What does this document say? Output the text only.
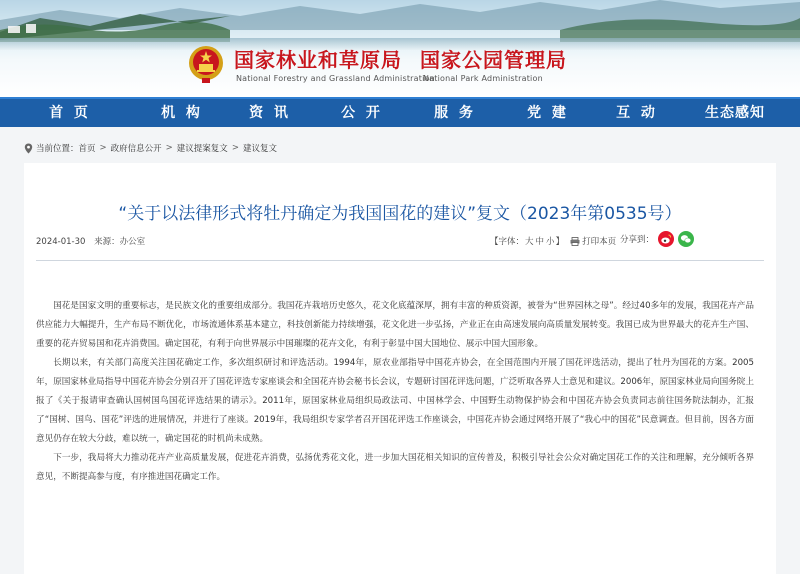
国家林业和草原局 国家公园管理局
National Forestry and Grassland Administration
National Park Administration
首 页	机 构	资 讯	公 开	服 务	党 建	互 动	生态感知
当前位置： 首页 > 政府信息公开 > 建议提案复文 > 建议复文
“关于以法律形式将牡丹确定为我国国花的建议”复文（2023年第0535号）
2024-01-30 来源：办公室	【字体： 大 中 小 】 打印本页 分享到：

国花是国家文明的重要标志，是民族文化的重要组成部分。我国花卉栽培历史悠久，花文化底蕴深厚，拥有丰富的种质资源，被誉为“世界园林之母”。经过40多年的发展，我国花卉产品供应能力大幅提升，生产布局不断优化，市场流通体系基本建立，科技创新能力持续增强，花文化进一步弘扬，产业正在由高速发展向高质量发展转变。我国已成为世界最大的花卉生产国、重要的花卉贸易国和花卉消费国。确定国花，有利于向世界展示中国璀璨的花卉文化，有利于彰显中国大国地位、展示中国大国形象。

长期以来，有关部门高度关注国花确定工作，多次组织研讨和评选活动。1994年，原农业部指导中国花卉协会，在全国范围内开展了国花评选活动，提出了牡丹为国花的方案。2005年，原国家林业局指导中国花卉协会分别召开了国花评选专家座谈会和全国花卉协会秘书长会议，专题研讨国花评选问题，广泛听取各界人士意见和建议。2006年，原国家林业局向国务院上报了《关于报请审查确认国树国鸟国花评选结果的请示》。2011年，原国家林业局组织局政法司、中国林学会、中国野生动物保护协会和中国花卉协会负责同志前往国务院法制办，汇报了“国树、国鸟、国花”评选的进展情况，并进行了座谈。2019年，我局组织专家学者召开国花评选工作座谈会，中国花卉协会通过网络开展了“我心中的国花”民意调查。但目前，因各方面意见仍存在较大分歧，难以统一，确定国花的时机尚未成熟。

下一步，我局将大力推动花卉产业高质量发展，促进花卉消费，弘扬优秀花文化，进一步加大国花相关知识的宣传普及，积极引导社会公众对确定国花工作的关注和理解，充分倾听各界意见，不断提高参与度，有序推进国花确定工作。
